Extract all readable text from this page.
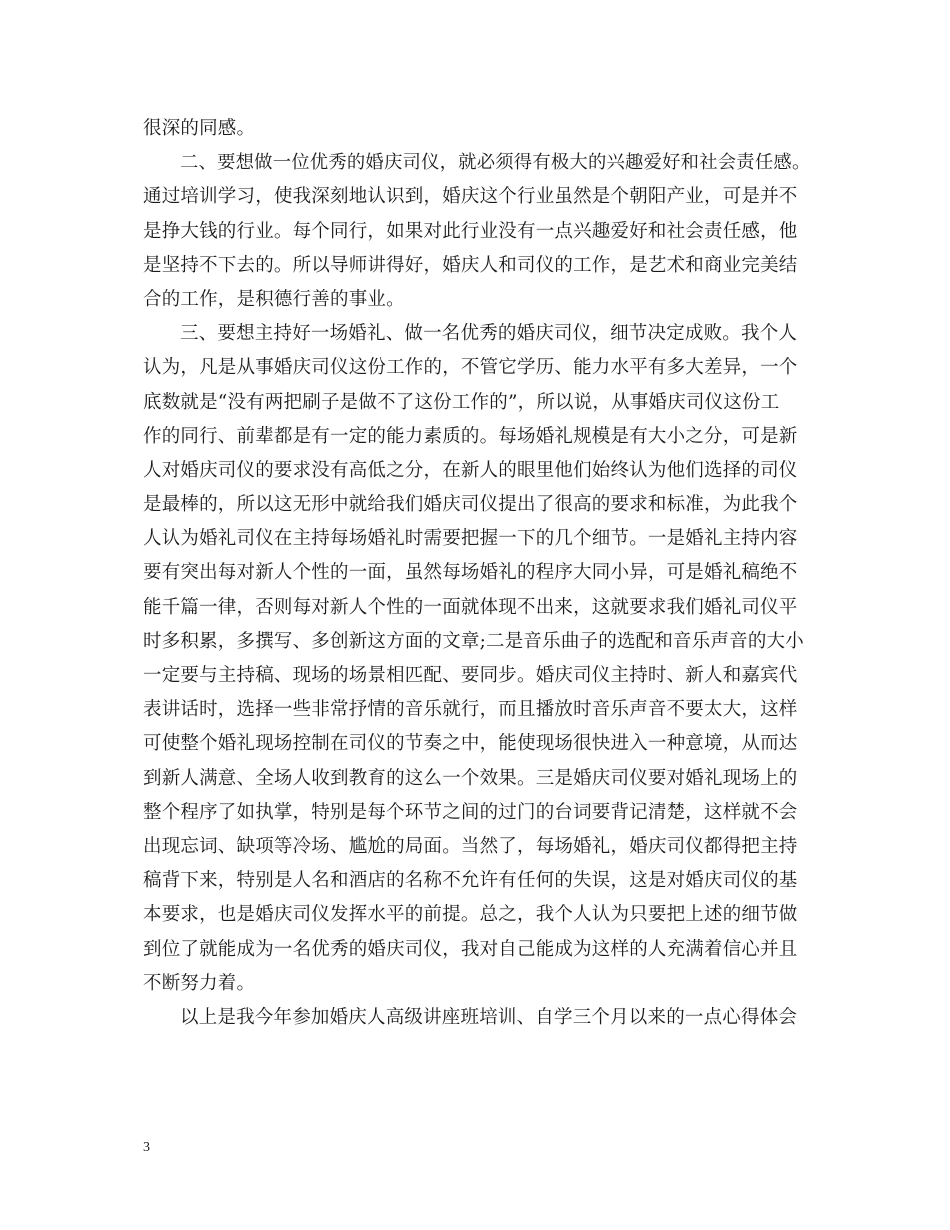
很深的同感。
二、要想做一位优秀的婚庆司仪，就必须得有极大的兴趣爱好和社会责任感。
通过培训学习，使我深刻地认识到，婚庆这个行业虽然是个朝阳产业，可是并不
是挣大钱的行业。每个同行，如果对此行业没有一点兴趣爱好和社会责任感，他
是坚持不下去的。所以导师讲得好，婚庆人和司仪的工作，是艺术和商业完美结
合的工作，是积德行善的事业。
三、要想主持好一场婚礼、做一名优秀的婚庆司仪，细节决定成败。我个人
认为，凡是从事婚庆司仪这份工作的，不管它学历、能力水平有多大差异，一个
底数就是“没有两把刷子是做不了这份工作的”，所以说，从事婚庆司仪这份工
作的同行、前辈都是有一定的能力素质的。每场婚礼规模是有大小之分，可是新
人对婚庆司仪的要求没有高低之分，在新人的眼里他们始终认为他们选择的司仪
是最棒的，所以这无形中就给我们婚庆司仪提出了很高的要求和标准，为此我个
人认为婚礼司仪在主持每场婚礼时需要把握一下的几个细节。一是婚礼主持内容
要有突出每对新人个性的一面，虽然每场婚礼的程序大同小异，可是婚礼稿绝不
能千篇一律，否则每对新人个性的一面就体现不出来，这就要求我们婚礼司仪平
时多积累，多撰写、多创新这方面的文章;二是音乐曲子的选配和音乐声音的大小
一定要与主持稿、现场的场景相匹配、要同步。婚庆司仪主持时、新人和嘉宾代
表讲话时，选择一些非常抒情的音乐就行，而且播放时音乐声音不要太大，这样
可使整个婚礼现场控制在司仪的节奏之中，能使现场很快进入一种意境，从而达
到新人满意、全场人收到教育的这么一个效果。三是婚庆司仪要对婚礼现场上的
整个程序了如执掌，特别是每个环节之间的过门的台词要背记清楚，这样就不会
出现忘词、缺项等冷场、尴尬的局面。当然了，每场婚礼，婚庆司仪都得把主持
稿背下来，特别是人名和酒店的名称不允许有任何的失误，这是对婚庆司仪的基
本要求，也是婚庆司仪发挥水平的前提。总之，我个人认为只要把上述的细节做
到位了就能成为一名优秀的婚庆司仪，我对自己能成为这样的人充满着信心并且
不断努力着。
以上是我今年参加婚庆人高级讲座班培训、自学三个月以来的一点心得体会
3
